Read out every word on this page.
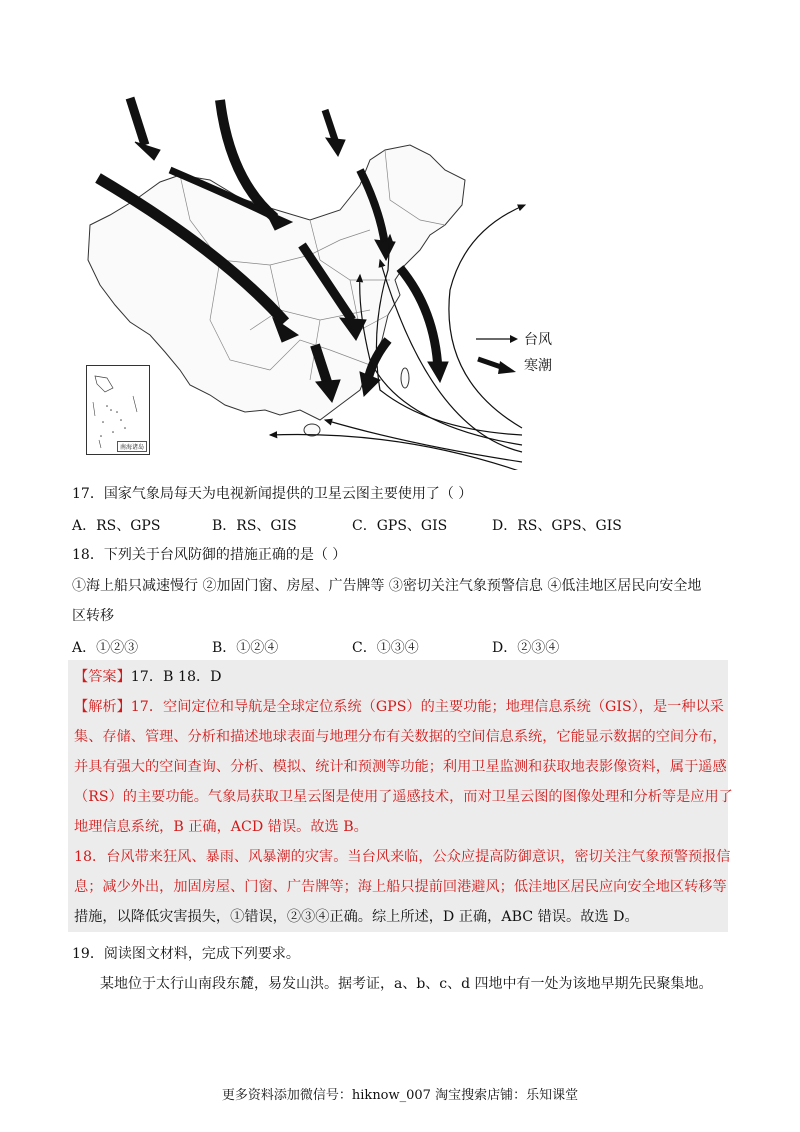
南海诸岛
台风
寒潮
17．国家气象局每天为电视新闻提供的卫星云图主要使用了（ ）
A．RS、GPS	B．RS、GIS	C．GPS、GIS	D．RS、GPS、GIS
18．下列关于台风防御的措施正确的是（ ）
①海上船只减速慢行 ②加固门窗、房屋、广告牌等 ③密切关注气象预警信息 ④低洼地区居民向安全地
区转移
A．①②③	B．①②④	C．①③④	D．②③④
【答案】17．B 18．D
【解析】17．空间定位和导航是全球定位系统（GPS）的主要功能；地理信息系统（GIS），是一种以采
集、存储、管理、分析和描述地球表面与地理分布有关数据的空间信息系统，它能显示数据的空间分布，
并具有强大的空间查询、分析、模拟、统计和预测等功能；利用卫星监测和获取地表影像资料，属于遥感
（RS）的主要功能。气象局获取卫星云图是使用了遥感技术，而对卫星云图的图像处理和分析等是应用了
地理信息系统，B 正确，ACD 错误。故选 B。
18．台风带来狂风、暴雨、风暴潮的灾害。当台风来临，公众应提高防御意识，密切关注气象预警预报信
息；减少外出，加固房屋、门窗、广告牌等；海上船只提前回港避风；低洼地区居民应向安全地区转移等
措施，以降低灾害损失，①错误，②③④正确。综上所述，D 正确，ABC 错误。故选 D。
19．阅读图文材料，完成下列要求。
某地位于太行山南段东麓，易发山洪。据考证，a、b、c、d 四地中有一处为该地早期先民聚集地。
更多资料添加微信号：hiknow_007 淘宝搜索店铺：乐知课堂
